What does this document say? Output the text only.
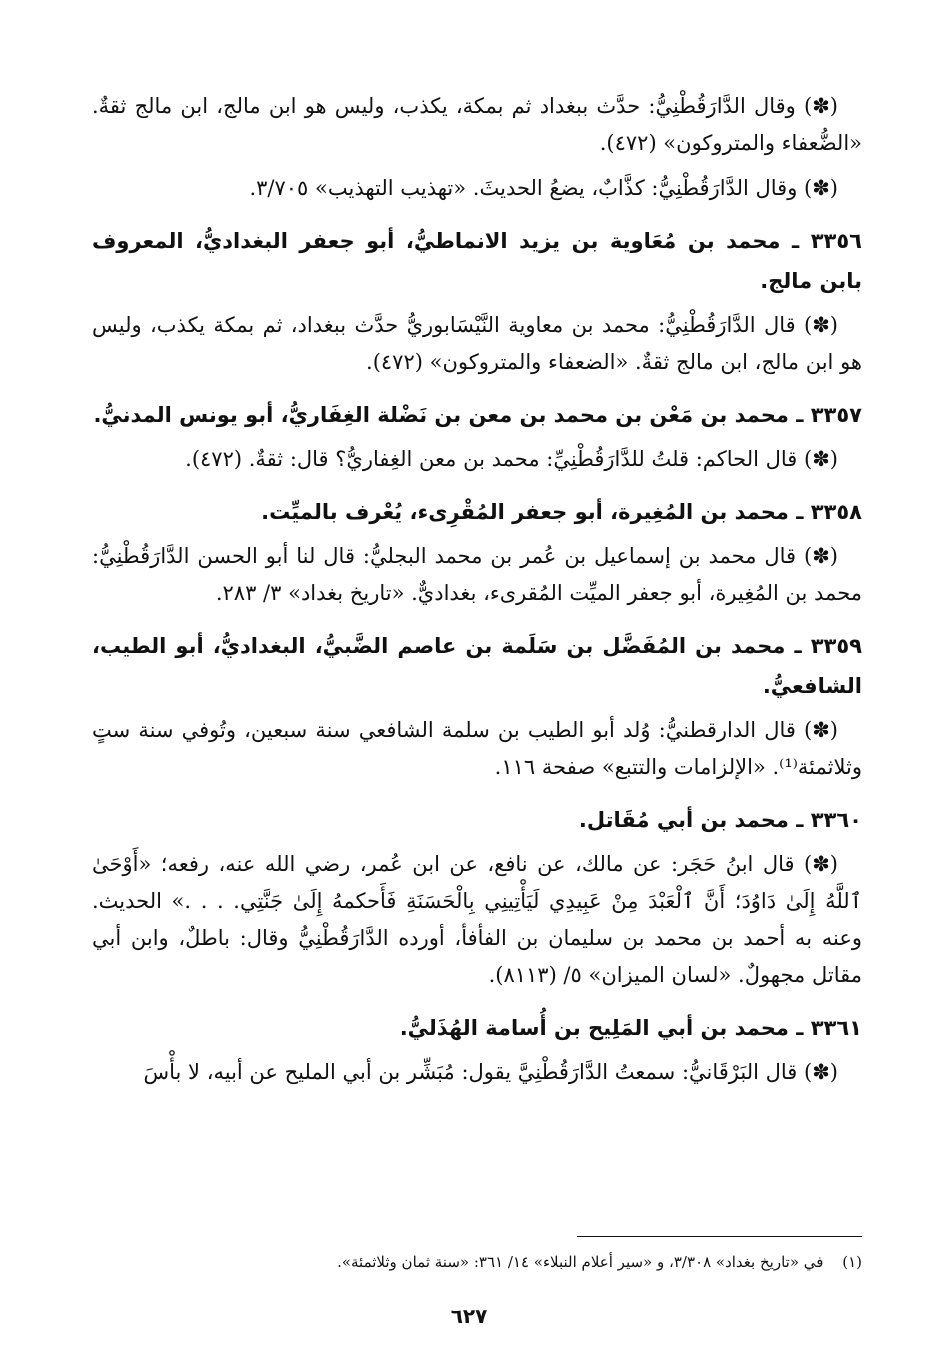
(✽) وقال الدَّارَقُطْنِيُّ: حدَّث ببغداد ثم بمكة، يكذب، وليس هو ابن مالج، ابن مالج ثقةٌ. «الضُّعفاء والمتروكون» (٤٧٢).

(✽) وقال الدَّارَقُطْنِيُّ: كذَّابٌ، يضعُ الحديثَ. «تهذيب التهذيب» ٣/٧٠٥.

٣٣٥٦ ـ محمد بن مُعَاوية بن يزيد الانماطيُّ، أبو جعفر البغداديُّ، المعروف بابن مالج.

(✽) قال الدَّارَقُطْنِيُّ: محمد بن معاوية النَّيْسَابوريُّ حدَّث ببغداد، ثم بمكة يكذب، وليس هو ابن مالج، ابن مالج ثقةٌ. «الضعفاء والمتروكون» (٤٧٢).

٣٣٥٧ ـ محمد بن مَعْن بن محمد بن معن بن نَضْلة الغِفَاريُّ، أبو يونس المدنيُّ.

(✽) قال الحاكم: قلتُ للدَّارَقُطْنِيِّ: محمد بن معن الغِفاريُّ؟ قال: ثقةٌ. (٤٧٢).

٣٣٥٨ ـ محمد بن المُغِيرة، أبو جعفر المُقْرِىء، يُعْرف بالميِّت.

(✽) قال محمد بن إسماعيل بن عُمر بن محمد البجليُّ: قال لنا أبو الحسن الدَّارَقُطْنِيُّ: محمد بن المُغِيرة، أبو جعفر الميِّت المُقرىء، بغداديٌّ. «تاريخ بغداد» ٣/ ٢٨٣.

٣٣٥٩ ـ محمد بن المُفَضَّل بن سَلَمة بن عاصم الضَّبيُّ، البغداديُّ، أبو الطيب، الشافعيُّ.

(✽) قال الدارقطنيُّ: وُلد أبو الطيب بن سلمة الشافعي سنة سبعين، وتُوفي سنة ستٍ وثلاثمئة⁽¹⁾. «الإلزامات والتتبع» صفحة ١١٦.

٣٣٦٠ ـ محمد بن أبي مُقَاتل.

(✽) قال ابنُ حَجَر: عن مالك، عن نافع، عن ابن عُمر، رضي الله عنه، رفعه؛ «أَوْحَىٰ ٱللَّهُ إِلَىٰ دَاوُدَ؛ أَنَّ ٱلْعَبْدَ مِنْ عَبِيدِي لَيَأْتِينِي بِالْحَسَنَةِ فَأَحكمهُ إِلَىٰ جَنَّتِي. . . .» الحديث. وعنه به أحمد بن محمد بن سليمان بن الفأفأ، أورده الدَّارَقُطْنِيُّ وقال: باطلٌ، وابن أبي مقاتل مجهولٌ. «لسان الميزان» ٥/ (٨١١٣).

٣٣٦١ ـ محمد بن أبي المَلِيح بن أُسامة الهُذَليُّ.

(✽) قال البَرْقَانيُّ: سمعتُ الدَّارَقُطْنِيَّ يقول: مُبَشِّر بن أبي المليح عن أبيه، لا بأْسَ

(١) في «تاريخ بغداد» ٣/٣٠٨، و «سير أعلام النبلاء» ١٤/ ٣٦١: «سنة ثمان وثلاثمئة».
٦٢٧
